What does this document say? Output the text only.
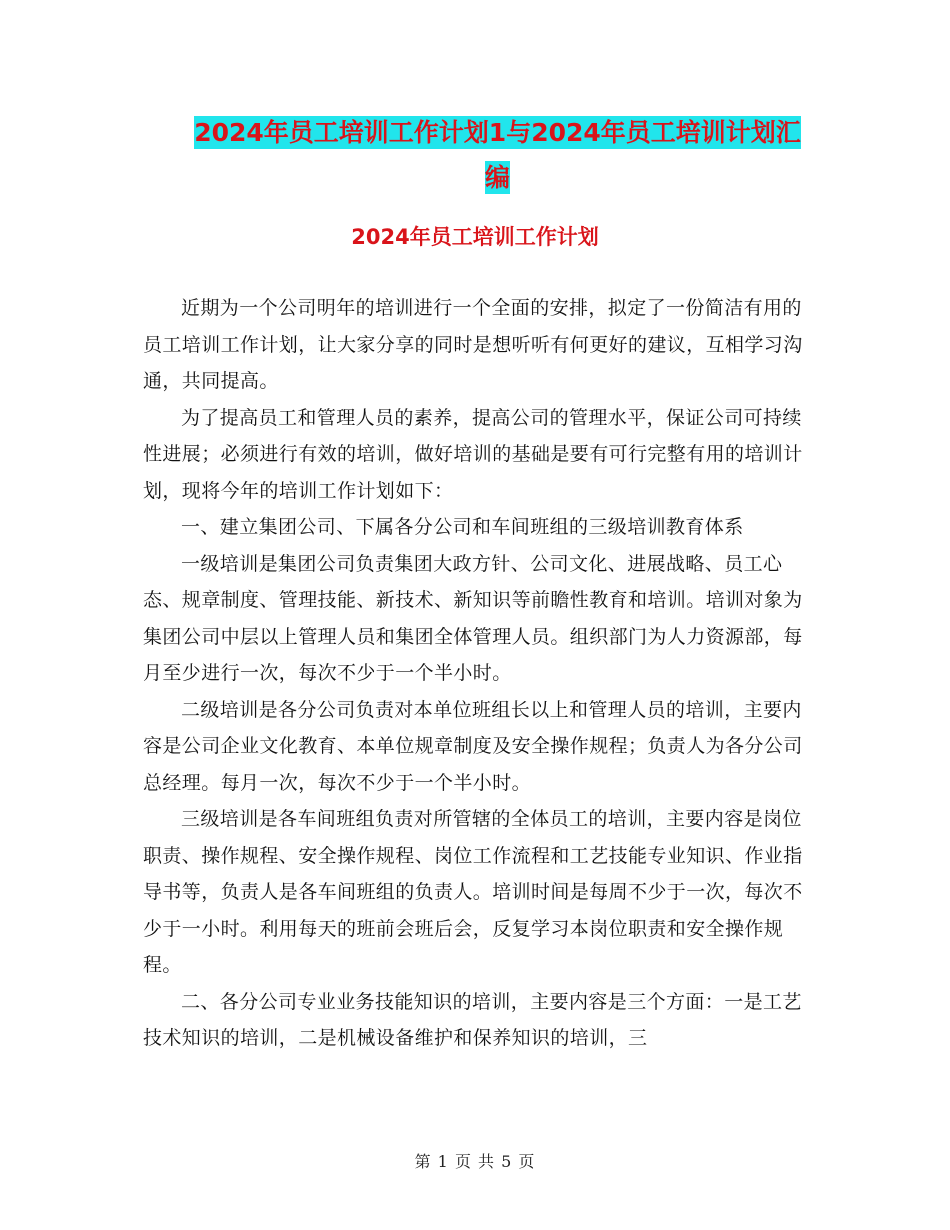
2024年员工培训工作计划1与2024年员工培训计划汇
编
2024年员工培训工作计划

近期为一个公司明年的培训进行一个全面的安排，拟定了一份简洁有用的员工培训工作计划，让大家分享的同时是想听听有何更好的建议，互相学习沟通，共同提高。

为了提高员工和管理人员的素养，提高公司的管理水平，保证公司可持续性进展；必须进行有效的培训，做好培训的基础是要有可行完整有用的培训计划，现将今年的培训工作计划如下：

一、建立集团公司、下属各分公司和车间班组的三级培训教育体系

一级培训是集团公司负责集团大政方针、公司文化、进展战略、员工心态、规章制度、管理技能、新技术、新知识等前瞻性教育和培训。培训对象为集团公司中层以上管理人员和集团全体管理人员。组织部门为人力资源部，每月至少进行一次，每次不少于一个半小时。

二级培训是各分公司负责对本单位班组长以上和管理人员的培训，主要内容是公司企业文化教育、本单位规章制度及安全操作规程；负责人为各分公司总经理。每月一次，每次不少于一个半小时。

三级培训是各车间班组负责对所管辖的全体员工的培训，主要内容是岗位职责、操作规程、安全操作规程、岗位工作流程和工艺技能专业知识、作业指导书等，负责人是各车间班组的负责人。培训时间是每周不少于一次，每次不少于一小时。利用每天的班前会班后会，反复学习本岗位职责和安全操作规程。

二、各分公司专业业务技能知识的培训，主要内容是三个方面：一是工艺技术知识的培训，二是机械设备维护和保养知识的培训，三

第 1 页 共 5 页
